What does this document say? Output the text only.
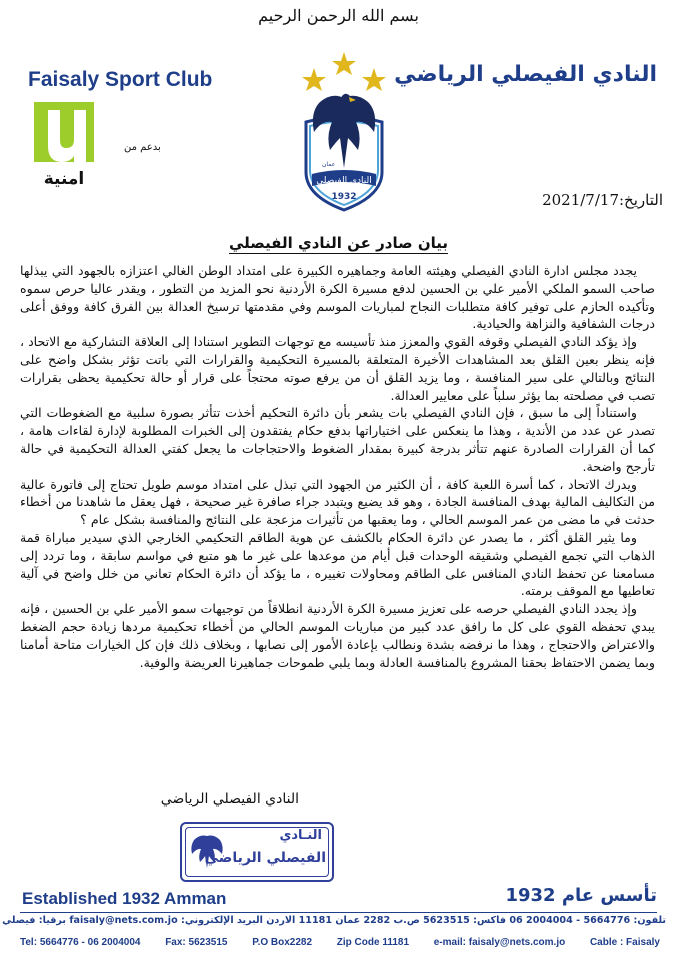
بسم الله الرحمن الرحيم
Faisaly Sport Club	النادي الفيصلي الرياضي
النادي الفيصلي
عمان
1932
امنية
بدعم من
التاريخ:2021/7/17
بيان صادر عن النادي الفيصلي

يجدد مجلس ادارة النادي الفيصلي وهيئته العامة وجماهيره الكبيرة على امتداد الوطن الغالي اعتزازه بالجهود التي يبذلها صاحب السمو الملكي الأمير علي بن الحسين لدفع مسيرة الكرة الأردنية نحو المزيد من التطور ، ويقدر عاليا حرص سموه وتأكيده الحازم على توفير كافة متطلبات النجاح لمباريات الموسم وفي مقدمتها ترسيخ العدالة بين الفرق كافة ووفق أعلى درجات الشفافية والنزاهة والحيادية.

وإذ يؤكد النادي الفيصلي وقوفه القوي والمعزز منذ تأسيسه مع توجهات التطوير استنادا إلى العلاقة التشاركية مع الاتحاد ، فإنه ينظر بعين القلق بعد المشاهدات الأخيرة المتعلقة بالمسيرة التحكيمية والقرارات التي باتت تؤثر بشكل واضح على النتائج وبالتالي على سير المنافسة ، وما يزيد القلق أن من يرفع صوته محتجاً على قرار أو حالة تحكيمية يحظى بقرارات تصب في مصلحته بما يؤثر سلباً على معايير العدالة.

واستناداً إلى ما سبق ، فإن النادي الفيصلي بات يشعر بأن دائرة التحكيم أخذت تتأثر بصورة سلبية مع الضغوطات التي تصدر عن عدد من الأندية ، وهذا ما ينعكس على اختياراتها بدفع حكام يفتقدون إلى الخبرات المطلوبة لإدارة لقاءات هامة ، كما أن القرارات الصادرة عنهم تتأثر بدرجة كبيرة بمقدار الضغوط والاحتجاجات ما يجعل كفتي العدالة التحكيمية في حالة تأرجح واضحة.

ويدرك الاتحاد ، كما أسرة اللعبة كافة ، أن الكثير من الجهود التي تبذل على امتداد موسم طويل تحتاج إلى فاتورة عالية من التكاليف المالية بهدف المنافسة الجادة ، وهو قد يضيع ويتبدد جراء صافرة غير صحيحة ، فهل يعقل ما شاهدنا من أخطاء حدثت في ما مضى من عمر الموسم الحالي ، وما يعقبها من تأثيرات مزعجة على النتائج والمنافسة بشكل عام ؟

وما يثير القلق أكثر ، ما يصدر عن دائرة الحكام بالكشف عن هوية الطاقم التحكيمي الخارجي الذي سيدير مباراة قمة الذهاب التي تجمع الفيصلي وشقيقه الوحدات قبل أيام من موعدها على غير ما هو متبع في مواسم سابقة ، وما تردد إلى مسامعنا عن تحفظ النادي المنافس على الطاقم ومحاولات تغييره ، ما يؤكد أن دائرة الحكام تعاني من خلل واضح في آلية تعاطيها مع الموقف برمته.

وإذ يجدد النادي الفيصلي حرصه على تعزيز مسيرة الكرة الأردنية انطلاقاً من توجيهات سمو الأمير علي بن الحسين ، فإنه يبدي تحفظه القوي على كل ما رافق عدد كبير من مباريات الموسم الحالي من أخطاء تحكيمية مردها زيادة حجم الضغط والاعتراض والاحتجاج ، وهذا ما نرفضه بشدة ونطالب بإعادة الأمور إلى نصابها ، وبخلاف ذلك فإن كل الخيارات متاحة أمامنا وبما يضمن الاحتفاظ بحقنا المشروع بالمنافسة العادلة وبما يلبي طموحات جماهيرنا العريضة والوفية.

النادي الفيصلي الرياضي
النـادي
الفيصلي الرياضي
Established 1932 Amman	تأسس عام 1932
تلفون: 5664776 - 2004004 06 فاكس: 5623515 ص.ب 2282 عمان 11181 الاردن البريد الإلكتروني: faisaly@nets.com.jo برقيا: فيصلي
Tel: 5664776 - 06 2004004 Fax: 5623515 P.O Box2282 Zip Code 11181 e-mail: faisaly@nets.com.jo Cable : Faisaly
